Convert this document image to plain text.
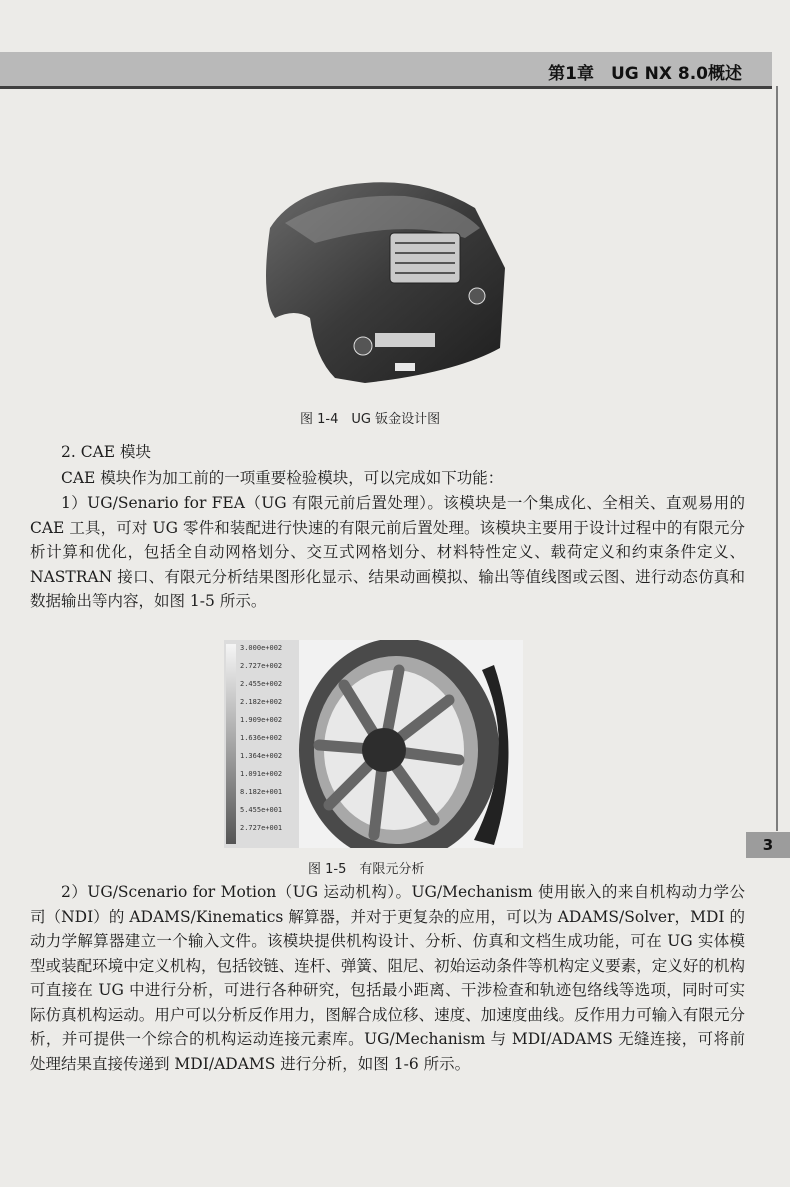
第1章　UG NX 8.0概述
3
图 1-4　UG 钣金设计图
2. CAE 模块
CAE 模块作为加工前的一项重要检验模块，可以完成如下功能：
1）UG/Senario for FEA（UG 有限元前后置处理）。该模块是一个集成化、全相关、直观易用的 CAE 工具，可对 UG 零件和装配进行快速的有限元前后置处理。该模块主要用于设计过程中的有限元分析计算和优化，包括全自动网格划分、交互式网格划分、材料特性定义、载荷定义和约束条件定义、NASTRAN 接口、有限元分析结果图形化显示、结果动画模拟、输出等值线图或云图、进行动态仿真和数据输出等内容，如图 1-5 所示。
3.000e+002
2.727e+002
2.455e+002
2.182e+002
1.909e+002
1.636e+002
1.364e+002
1.091e+002
8.182e+001
5.455e+001
2.727e+001
图 1-5　有限元分析
2）UG/Scenario for Motion（UG 运动机构）。UG/Mechanism 使用嵌入的来自机构动力学公司（NDI）的 ADAMS/Kinematics 解算器，并对于更复杂的应用，可以为 ADAMS/Solver，MDI 的动力学解算器建立一个输入文件。该模块提供机构设计、分析、仿真和文档生成功能，可在 UG 实体模型或装配环境中定义机构，包括铰链、连杆、弹簧、阻尼、初始运动条件等机构定义要素，定义好的机构可直接在 UG 中进行分析，可进行各种研究，包括最小距离、干涉检查和轨迹包络线等选项，同时可实际仿真机构运动。用户可以分析反作用力，图解合成位移、速度、加速度曲线。反作用力可输入有限元分析，并可提供一个综合的机构运动连接元素库。UG/Mechanism 与 MDI/ADAMS 无缝连接，可将前处理结果直接传递到 MDI/ADAMS 进行分析，如图 1-6 所示。
